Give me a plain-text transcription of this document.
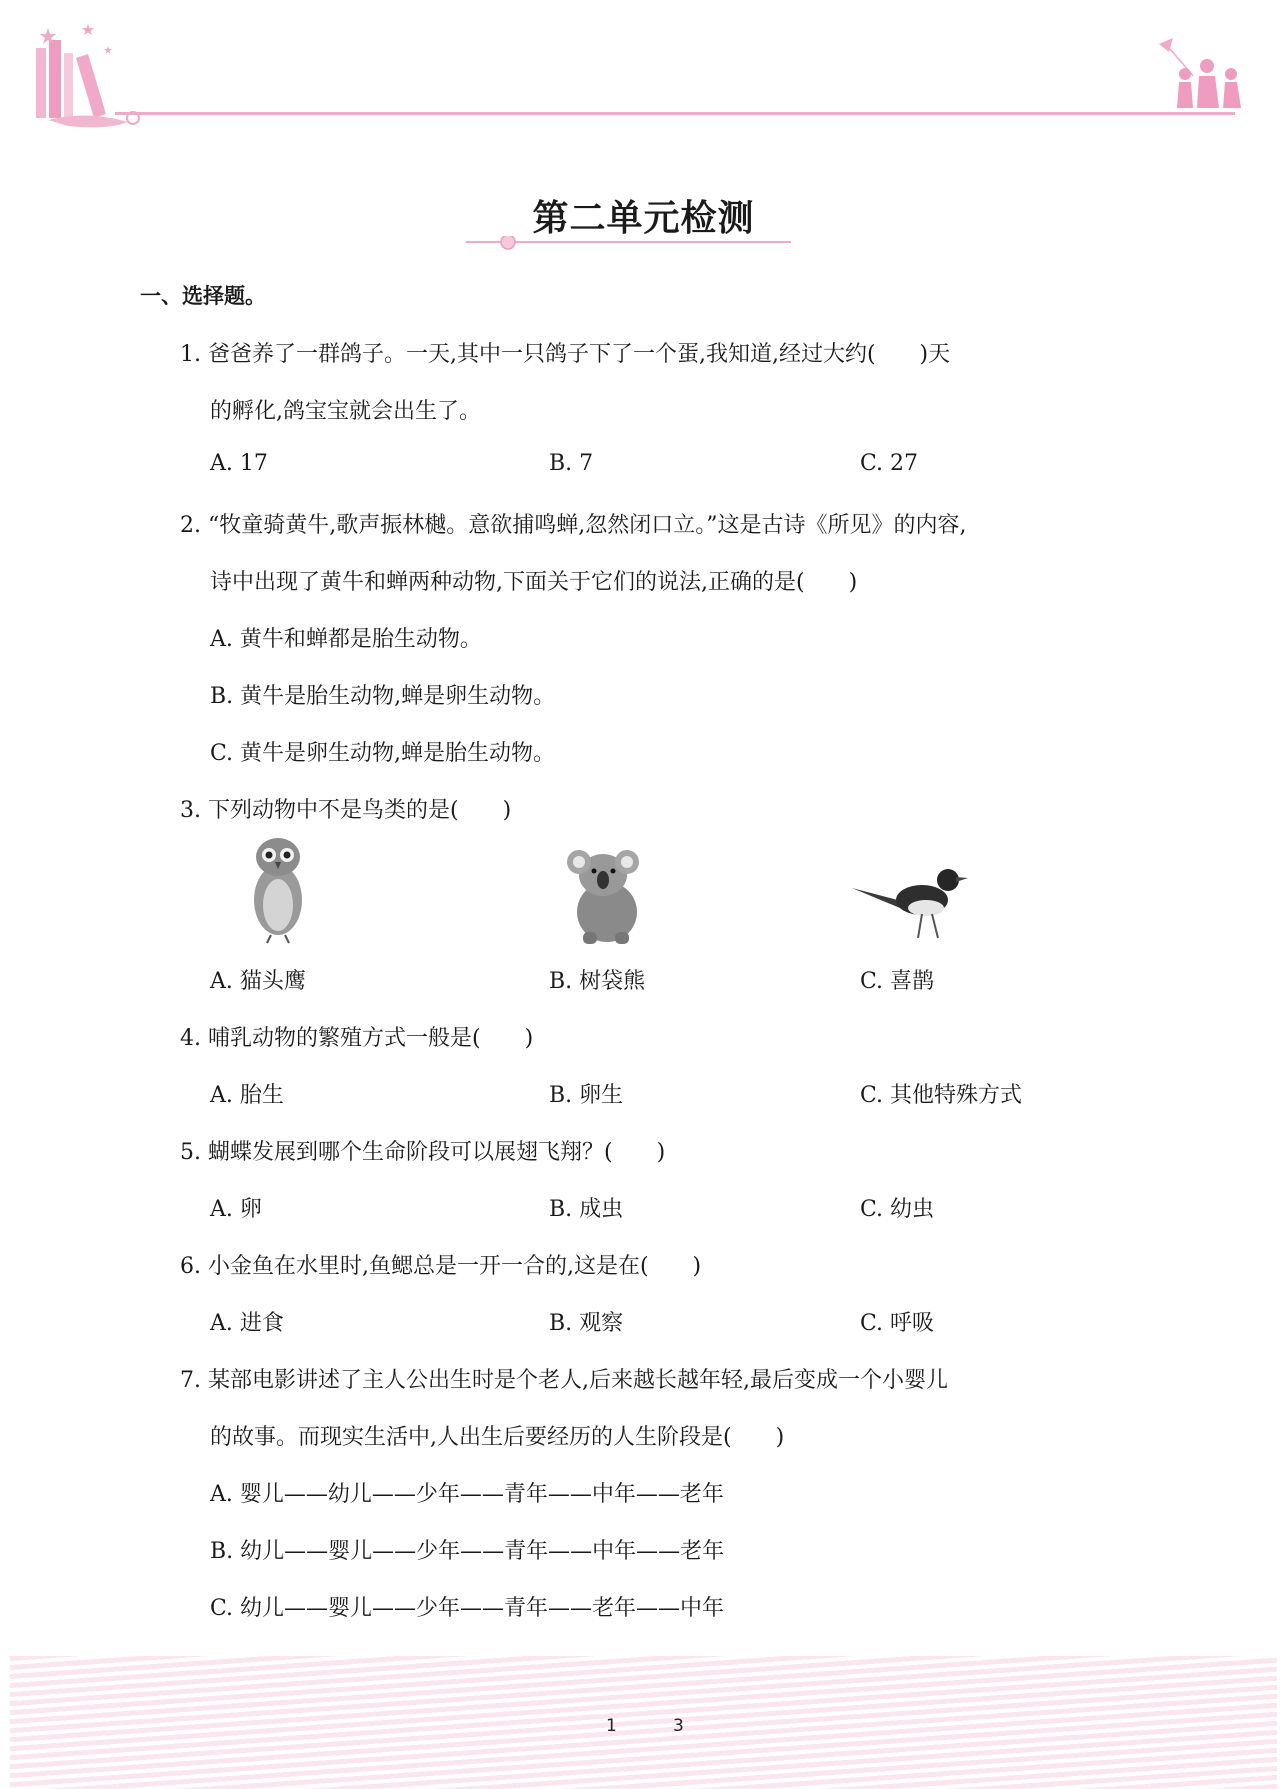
第二单元检测
一、选择题。
1. 爸爸养了一群鸽子。一天,其中一只鸽子下了一个蛋,我知道,经过大约(　　)天
的孵化,鸽宝宝就会出生了。
A. 17	B. 7	C. 27
2. “牧童骑黄牛,歌声振林樾。意欲捕鸣蝉,忽然闭口立。”这是古诗《所见》的内容,
诗中出现了黄牛和蝉两种动物,下面关于它们的说法,正确的是(　　)
A. 黄牛和蝉都是胎生动物。
B. 黄牛是胎生动物,蝉是卵生动物。
C. 黄牛是卵生动物,蝉是胎生动物。
3. 下列动物中不是鸟类的是(　　)
A. 猫头鹰	B. 树袋熊	C. 喜鹊
4. 哺乳动物的繁殖方式一般是(　　)
A. 胎生	B. 卵生	C. 其他特殊方式
5. 蝴蝶发展到哪个生命阶段可以展翅飞翔？(　　)
A. 卵	B. 成虫	C. 幼虫
6. 小金鱼在水里时,鱼鳃总是一开一合的,这是在(　　)
A. 进食	B. 观察	C. 呼吸
7. 某部电影讲述了主人公出生时是个老人,后来越长越年轻,最后变成一个小婴儿
的故事。而现实生活中,人出生后要经历的人生阶段是(　　)
A. 婴儿——幼儿——少年——青年——中年——老年
B. 幼儿——婴儿——少年——青年——中年——老年
C. 幼儿——婴儿——少年——青年——老年——中年
1	3
